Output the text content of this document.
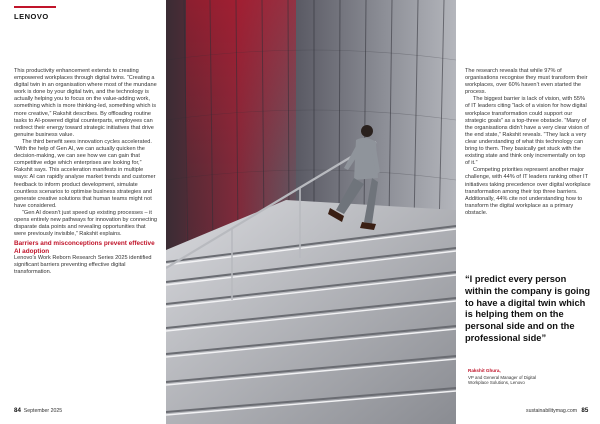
LENOVO

This productivity enhancement extends to creating empowered workplaces through digital twins. “Creating a digital twin in an organisation where most of the mundane work is done by your digital twin, and the technology is actually helping you to focus on the value-adding work, something which is more thinking-led, something which is more creative,” Rakshit describes. By offloading routine tasks to AI-powered digital counterparts, employees can redirect their energy toward strategic initiatives that drive genuine business value.

The third benefit sees innovation cycles accelerated. “With the help of Gen AI, we can actually quicken the decision-making, we can see how we can gain that competitive edge which enterprises are looking for,” Rakshit says. This acceleration manifests in multiple ways: AI can rapidly analyse market trends and customer feedback to inform product development, simulate countless scenarios to optimise business strategies and generate creative solutions that human teams might not have considered.

“Gen AI doesn’t just speed up existing processes – it opens entirely new pathways for innovation by connecting disparate data points and revealing opportunities that were previously invisible,” Rakshit explains.

Barriers and misconceptions prevent effective AI adoption

Lenovo’s Work Reborn Research Series 2025 identified significant barriers preventing effective digital transformation.

84 September 2025

The research reveals that while 97% of organisations recognise they must transform their workplaces, over 60% haven’t even started the process.

The biggest barrier is lack of vision, with 55% of IT leaders citing “lack of a vision for how digital workplace transformation could support our strategic goals” as a top-three obstacle. “Many of the organisations didn’t have a very clear vision of the end state,” Rakshit reveals. “They lack a very clear understanding of what this technology can bring to them. They basically get stuck with the existing state and think only incrementally on top of it.”

Competing priorities represent another major challenge, with 44% of IT leaders ranking other IT initiatives taking precedence over digital workplace transformation among their top three barriers. Additionally, 44% cite not understanding how to transform the digital workplace as a primary obstacle.

“I predict every person within the company is going to have a digital twin which is helping them on the personal side and on the professional side”
Rakshit Ghura,
VP and General Manager of Digital Workplace Solutions, Lenovo
sustainabilitymag.com 85
